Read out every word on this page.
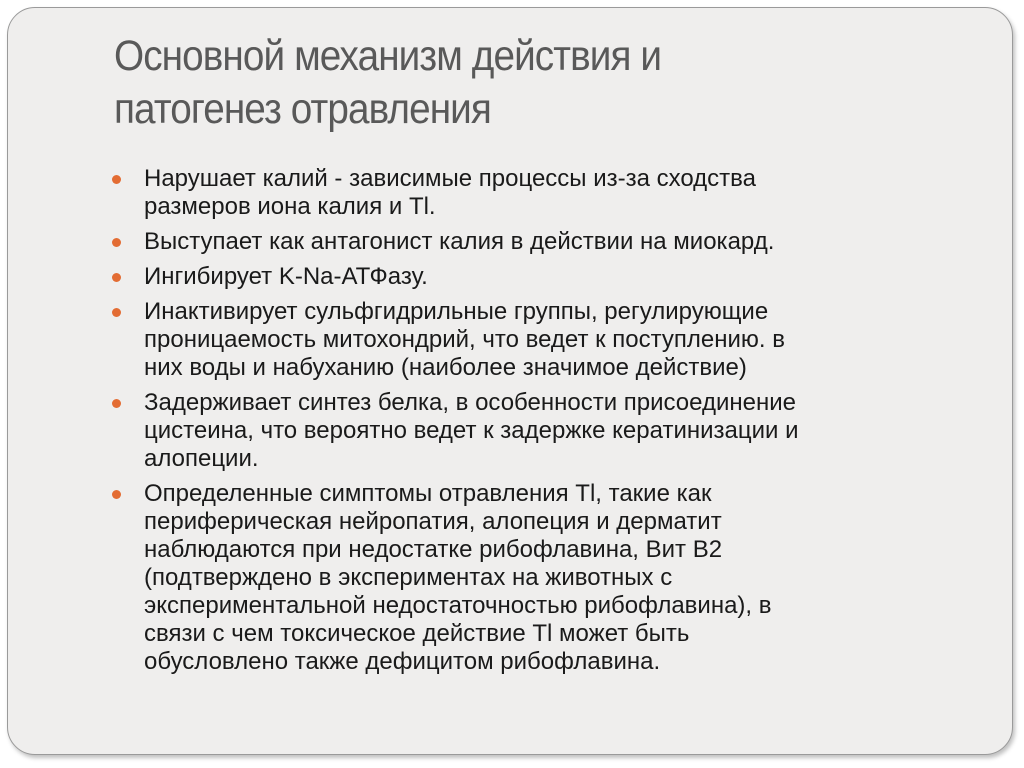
Основной механизм действия и
патогенез отравления
Нарушает калий - зависимые процессы из-за сходства
размеров иона калия и Tl.
Выступает как антагонист калия в действии на миокард.
Ингибирует K-Na-АТФазу.
Инактивирует сульфгидрильные группы, регулирующие
проницаемость митохондрий, что ведет к поступлению. в
них воды и набуханию (наиболее значимое действие)
Задерживает синтез белка, в особенности присоединение
цистеина, что вероятно ведет к задержке кератинизации и
алопеции.
Определенные симптомы отравления Tl, такие как
периферическая нейропатия, алопеция и дерматит
наблюдаются при недостатке рибофлавина, Вит В2
(подтверждено в экспериментах на животных с
экспериментальной недостаточностью рибофлавина), в
связи с чем токсическое действие Tl может быть
обусловлено также дефицитом рибофлавина.
